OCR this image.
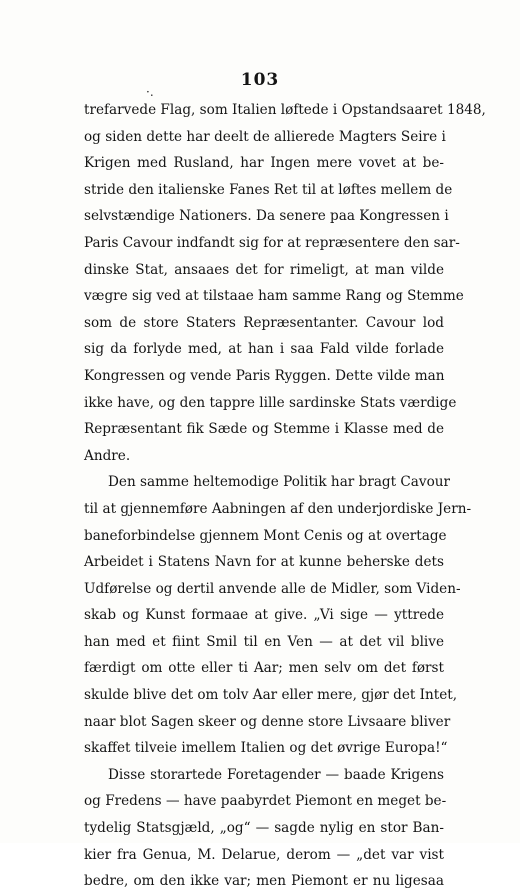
103
·.
trefarvede Flag, som Italien løftede i Opstandsaaret 1848,
og siden dette har deelt de allierede Magters Seire i
Krigen med Rusland, har Ingen mere vovet at be-
stride den italienske Fanes Ret til at løftes mellem de
selvstændige Nationers. Da senere paa Kongressen i
Paris Cavour indfandt sig for at repræsentere den sar-
dinske Stat, ansaaes det for rimeligt, at man vilde
vægre sig ved at tilstaae ham samme Rang og Stemme
som de store Staters Repræsentanter. Cavour lod
sig da forlyde med, at han i saa Fald vilde forlade
Kongressen og vende Paris Ryggen. Dette vilde man
ikke have, og den tappre lille sardinske Stats værdige
Repræsentant fik Sæde og Stemme i Klasse med de
Andre.
Den samme heltemodige Politik har bragt Cavour
til at gjennemføre Aabningen af den underjordiske Jern-
baneforbindelse gjennem Mont Cenis og at overtage
Arbeidet i Statens Navn for at kunne beherske dets
Udførelse og dertil anvende alle de Midler, som Viden-
skab og Kunst formaae at give. „Vi sige — yttrede
han med et fiint Smil til en Ven — at det vil blive
færdigt om otte eller ti Aar; men selv om det først
skulde blive det om tolv Aar eller mere, gjør det Intet,
naar blot Sagen skeer og denne store Livsaare bliver
skaffet tilveie imellem Italien og det øvrige Europa!“
Disse storartede Foretagender — baade Krigens
og Fredens — have paabyrdet Piemont en meget be-
tydelig Statsgjæld, „og“ — sagde nylig en stor Ban-
kier fra Genua, M. Delarue, derom — „det var vist
bedre, om den ikke var; men Piemont er nu ligesaa
